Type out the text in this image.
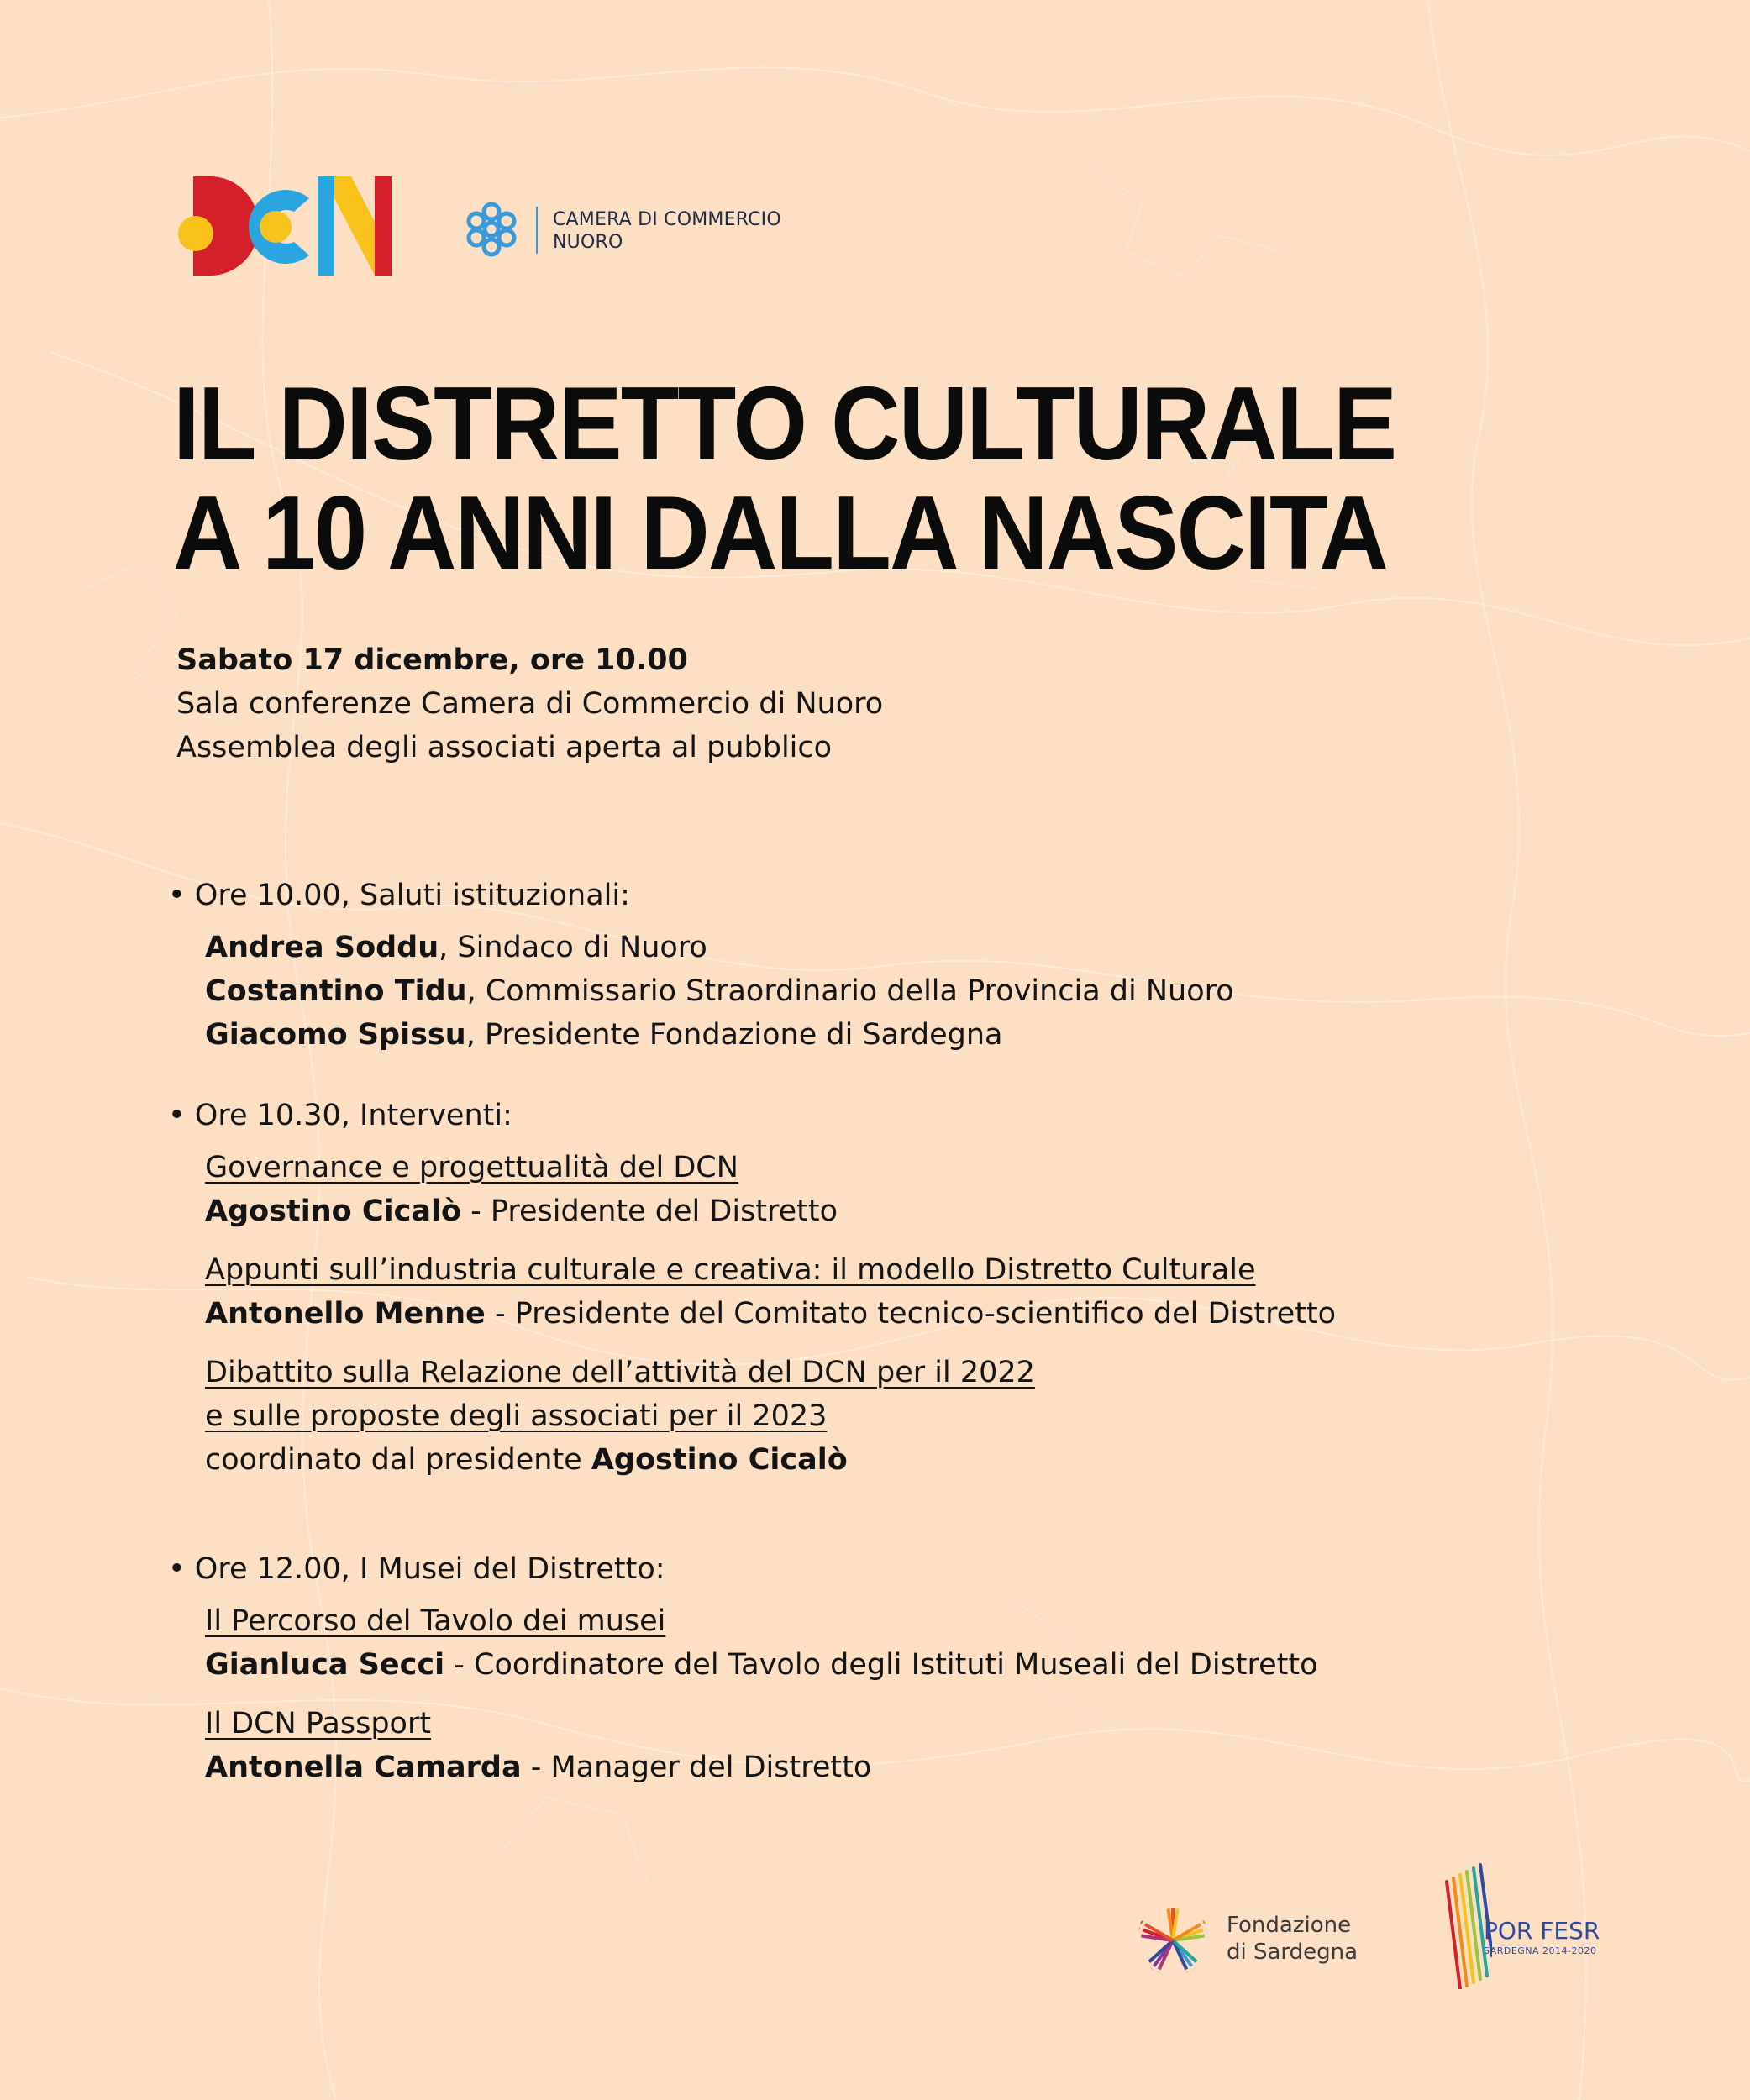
CAMERA DI COMMERCIO
NUORO
IL DISTRETTO CULTURALE
A 10 ANNI DALLA NASCITA
Sabato 17 dicembre, ore 10.00
Sala conferenze Camera di Commercio di Nuoro
Assemblea degli associati aperta al pubblico
• Ore 10.00, Saluti istituzionali:
Andrea Soddu, Sindaco di Nuoro
Costantino Tidu, Commissario Straordinario della Provincia di Nuoro
Giacomo Spissu, Presidente Fondazione di Sardegna
• Ore 10.30, Interventi:
Governance e progettualità del DCN
Agostino Cicalò - Presidente del Distretto
Appunti sull’industria culturale e creativa: il modello Distretto Culturale
Antonello Menne - Presidente del Comitato tecnico-scientifico del Distretto
Dibattito sulla Relazione dell’attività del DCN per il 2022
e sulle proposte degli associati per il 2023
coordinato dal presidente Agostino Cicalò
• Ore 12.00, I Musei del Distretto:
Il Percorso del Tavolo dei musei
Gianluca Secci - Coordinatore del Tavolo degli Istituti Museali del Distretto
Il DCN Passport
Antonella Camarda - Manager del Distretto
Fondazione
di Sardegna
POR FESR
SARDEGNA 2014-2020
